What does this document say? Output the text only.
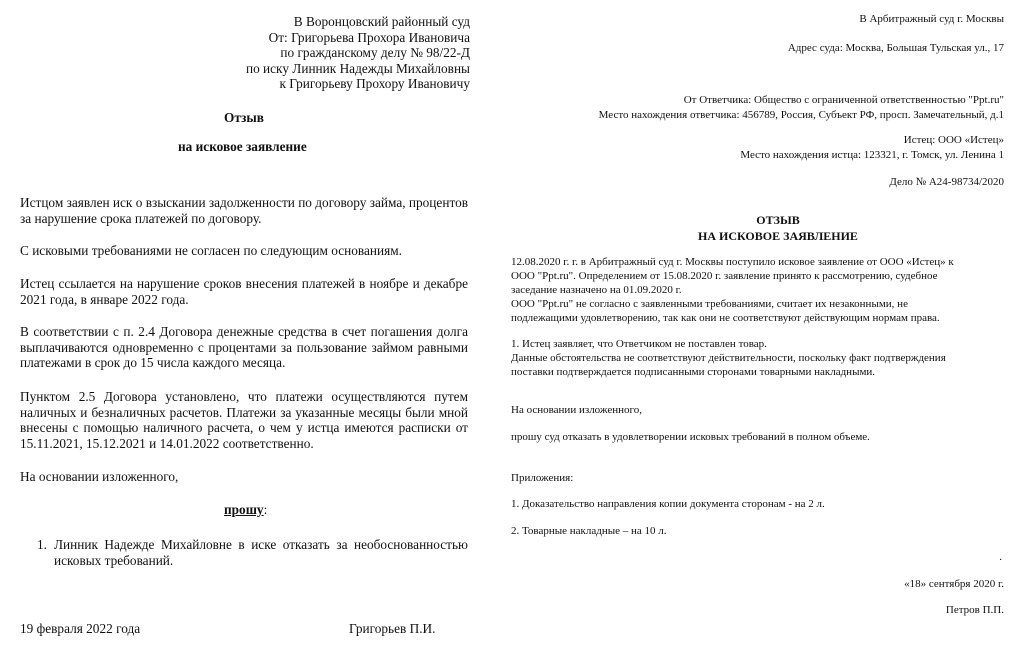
В Воронцовский районный суд
От: Григорьева Прохора Ивановича
по гражданскому делу № 98/22-Д
по иску Линник Надежды Михайловны
к Григорьеву Прохору Ивановичу
Отзыв
на исковое заявление
Истцом заявлен иск о взыскании задолженности по договору займа, процентов за нарушение срока платежей по договору.
С исковыми требованиями не согласен по следующим основаниям.
Истец ссылается на нарушение сроков внесения платежей в ноябре и декабре 2021 года, в январе 2022 года.
В соответствии с п. 2.4 Договора денежные средства в счет погашения долга выплачиваются одновременно с процентами за пользование займом равными платежами в срок до 15 числа каждого месяца.
Пунктом 2.5 Договора установлено, что платежи осуществляются путем наличных и безналичных расчетов. Платежи за указанные месяцы были мной внесены с помощью наличного расчета, о чем у истца имеются расписки от 15.11.2021, 15.12.2021 и 14.01.2022 соответственно.
На основании изложенного,
прошу:
1. Линник Надежде Михайловне в иске отказать за необоснованностью исковых требований.
19 февраля 2022 года	Григорьев П.И.
В Арбитражный суд г. Москвы
Адрес суда: Москва, Большая Тульская ул., 17
От Ответчика: Общество с ограниченной ответственностью "Ppt.ru"
Место нахождения ответчика: 456789, Россия, Субъект РФ, просп. Замечательный, д.1
Истец: ООО «Истец»
Место нахождения истца: 123321, г. Томск, ул. Ленина 1
Дело № А24-98734/2020
ОТЗЫВ
НА ИСКОВОЕ ЗАЯВЛЕНИЕ
12.08.2020 г. г. в Арбитражный суд г. Москвы поступило исковое заявление от ООО «Истец» к
ООО "Ppt.ru". Определением от 15.08.2020 г. заявление принято к рассмотрению, судебное
заседание назначено на 01.09.2020 г.
ООО "Ppt.ru" не согласно с заявленными требованиями, считает их незаконными, не
подлежащими удовлетворению, так как они не соответствуют действующим нормам права.
1. Истец заявляет, что Ответчиком не поставлен товар.
Данные обстоятельства не соответствуют действительности, поскольку факт подтверждения
поставки подтверждается подписанными сторонами товарными накладными.
На основании изложенного,
прошу суд отказать в удовлетворении исковых требований в полном объеме.
Приложения:
1. Доказательство направления копии документа сторонам - на 2 л.
2. Товарные накладные – на 10 л.
.
«18» сентября 2020 г.
Петров П.П.
